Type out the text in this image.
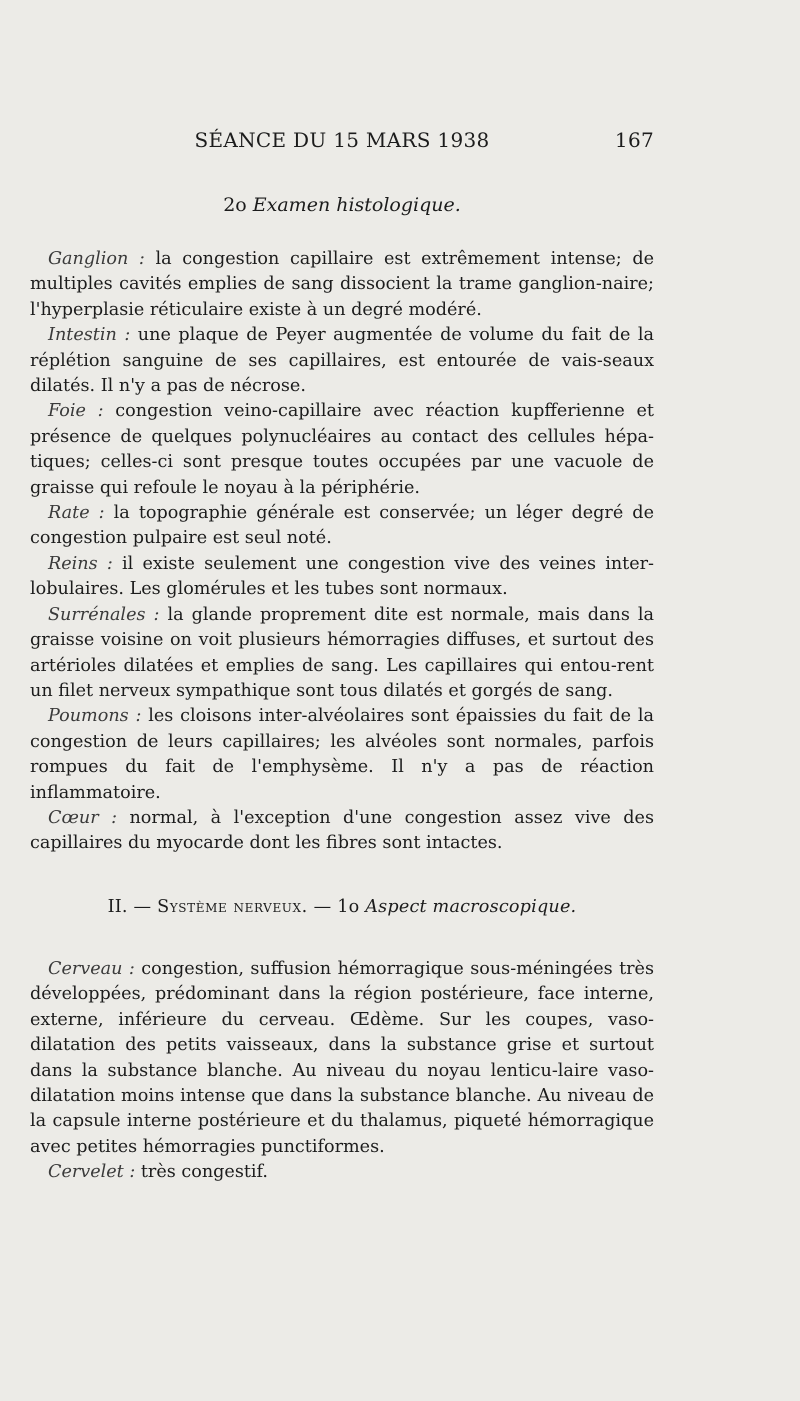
SÉANCE DU 15 MARS 1938	167
2o Examen histologique.

Ganglion : la congestion capillaire est extrêmement intense; de multiples cavités emplies de sang dissocient la trame ganglion-naire; l'hyperplasie réticulaire existe à un degré modéré.

Intestin : une plaque de Peyer augmentée de volume du fait de la réplétion sanguine de ses capillaires, est entourée de vais-seaux dilatés. Il n'y a pas de nécrose.

Foie : congestion veino-capillaire avec réaction kupfferienne et présence de quelques polynucléaires au contact des cellules hépa-tiques; celles-ci sont presque toutes occupées par une vacuole de graisse qui refoule le noyau à la périphérie.

Rate : la topographie générale est conservée; un léger degré de congestion pulpaire est seul noté.

Reins : il existe seulement une congestion vive des veines inter-lobulaires. Les glomérules et les tubes sont normaux.

Surrénales : la glande proprement dite est normale, mais dans la graisse voisine on voit plusieurs hémorragies diffuses, et surtout des artérioles dilatées et emplies de sang. Les capillaires qui entou-rent un filet nerveux sympathique sont tous dilatés et gorgés de sang.

Poumons : les cloisons inter-alvéolaires sont épaissies du fait de la congestion de leurs capillaires; les alvéoles sont normales, parfois rompues du fait de l'emphysème. Il n'y a pas de réaction inflammatoire.

Cœur : normal, à l'exception d'une congestion assez vive des capillaires du myocarde dont les fibres sont intactes.

II. — Système nerveux. — 1o Aspect macroscopique.

Cerveau : congestion, suffusion hémorragique sous-méningées très développées, prédominant dans la région postérieure, face interne, externe, inférieure du cerveau. Œdème. Sur les coupes, vaso-dilatation des petits vaisseaux, dans la substance grise et surtout dans la substance blanche. Au niveau du noyau lenticu-laire vaso-dilatation moins intense que dans la substance blanche. Au niveau de la capsule interne postérieure et du thalamus, piqueté hémorragique avec petites hémorragies punctiformes.

Cervelet : très congestif.
